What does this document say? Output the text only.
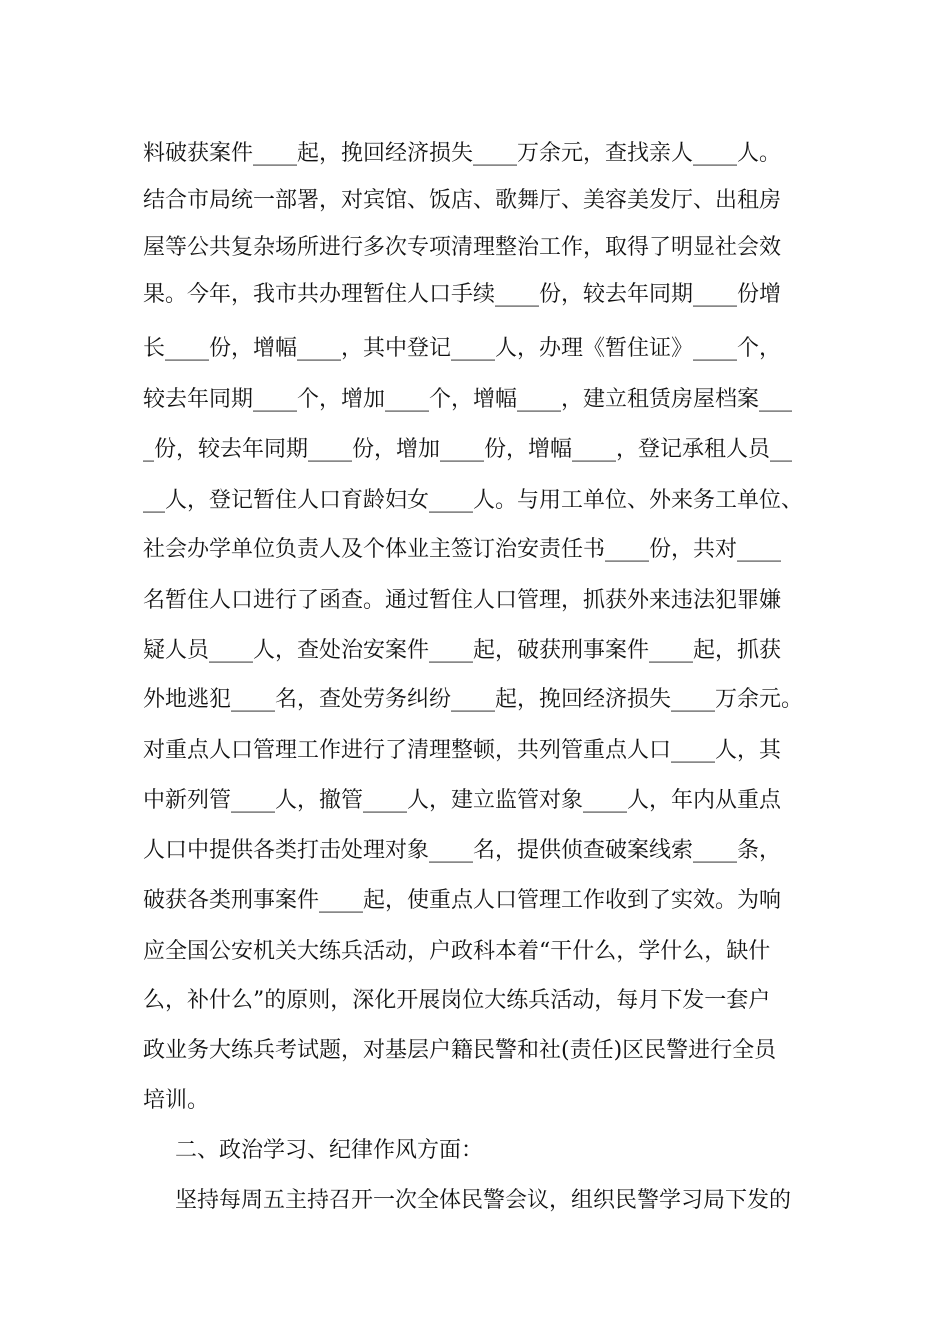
料破获案件____起，挽回经济损失____万余元，查找亲人____人。
结合市局统一部署，对宾馆、饭店、歌舞厅、美容美发厅、出租房
屋等公共复杂场所进行多次专项清理整治工作，取得了明显社会效
果。今年，我市共办理暂住人口手续____份，较去年同期____份增
长____份，增幅____，其中登记____人，办理《暂住证》____个，
较去年同期____个，增加____个，增幅____，建立租赁房屋档案___
_份，较去年同期____份，增加____份，增幅____，登记承租人员__
__人，登记暂住人口育龄妇女____人。与用工单位、外来务工单位、
社会办学单位负责人及个体业主签订治安责任书____份，共对____
名暂住人口进行了函查。通过暂住人口管理，抓获外来违法犯罪嫌
疑人员____人，查处治安案件____起，破获刑事案件____起，抓获
外地逃犯____名，查处劳务纠纷____起，挽回经济损失____万余元。
对重点人口管理工作进行了清理整顿，共列管重点人口____人，其
中新列管____人，撤管____人，建立监管对象____人，年内从重点
人口中提供各类打击处理对象____名，提供侦查破案线索____条，
破获各类刑事案件____起，使重点人口管理工作收到了实效。为响
应全国公安机关大练兵活动，户政科本着“干什么，学什么，缺什
么，补什么”的原则，深化开展岗位大练兵活动，每月下发一套户
政业务大练兵考试题，对基层户籍民警和社(责任)区民警进行全员
培训。
二、政治学习、纪律作风方面：
坚持每周五主持召开一次全体民警会议，组织民警学习局下发的
